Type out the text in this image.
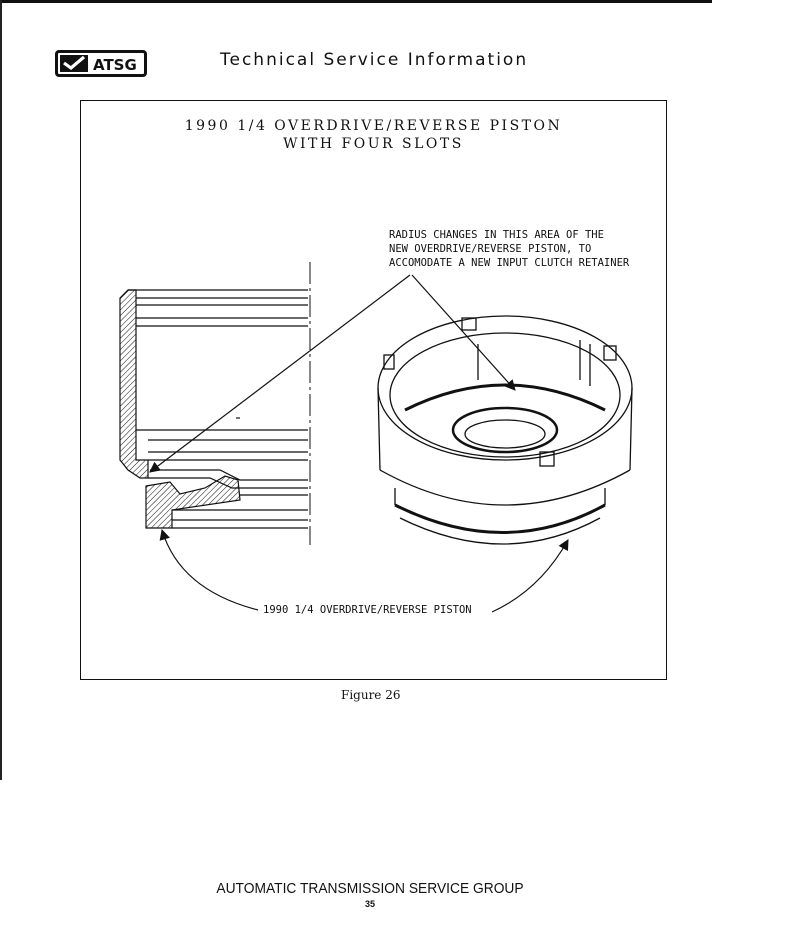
ATSG	Technical Service Information
1990 1/4 OVERDRIVE/REVERSE PISTON
WITH FOUR SLOTS
RADIUS CHANGES IN THIS AREA OF THE
NEW OVERDRIVE/REVERSE PISTON, TO
ACCOMODATE A NEW INPUT CLUTCH RETAINER
1990 1/4 OVERDRIVE/REVERSE PISTON
Figure 26
AUTOMATIC TRANSMISSION SERVICE GROUP
35
